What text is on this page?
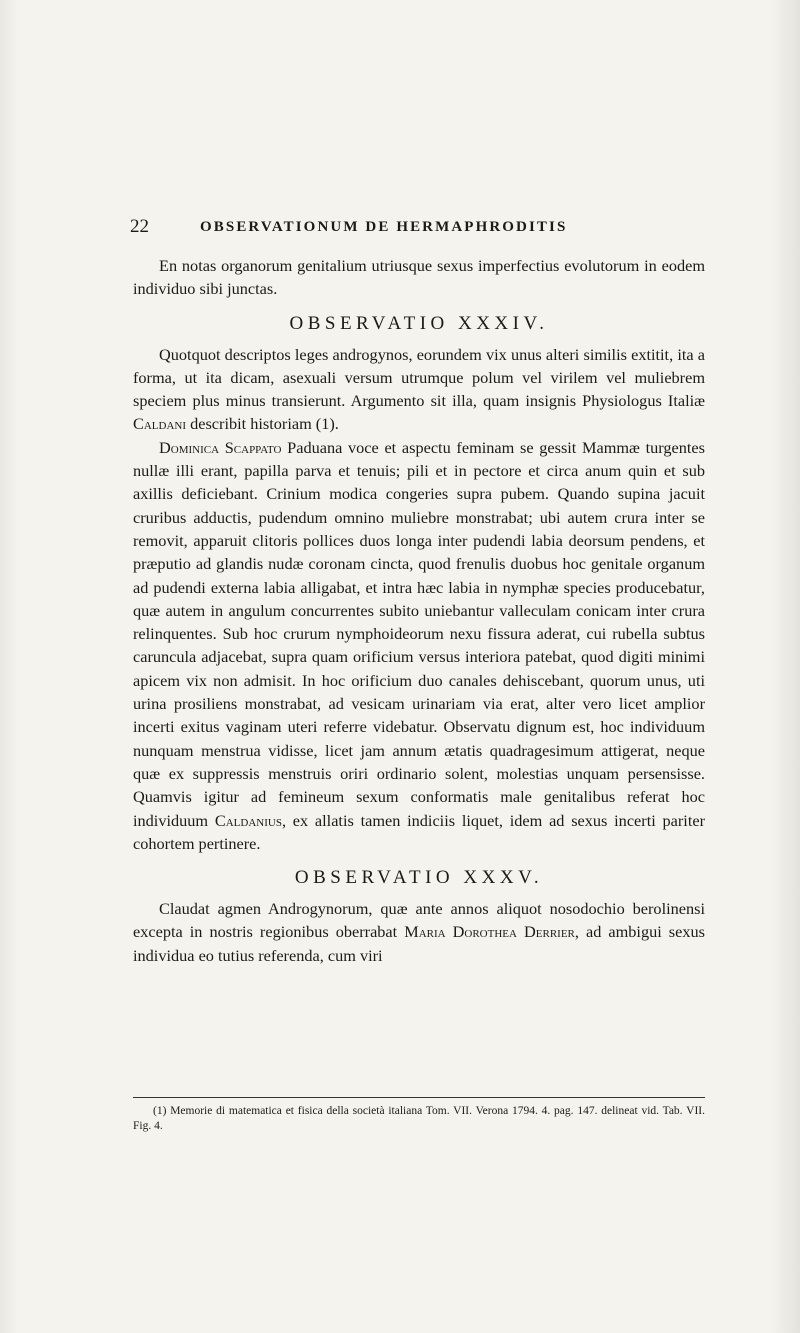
22	OBSERVATIONUM DE HERMAPHRODITIS

En notas organorum genitalium utriusque sexus imperfectius evolutorum in eodem individuo sibi junctas.

OBSERVATIO XXXIV.

Quotquot descriptos leges androgynos, eorundem vix unus alteri similis extitit, ita a forma, ut ita dicam, asexuali versum utrumque polum vel virilem vel muliebrem speciem plus minus transierunt. Argumento sit illa, quam insignis Physiologus Italiæ Caldani describit historiam (1).

Dominica Scappato Paduana voce et aspectu feminam se gessit Mammæ turgentes nullæ illi erant, papilla parva et tenuis; pili et in pectore et circa anum quin et sub axillis deficiebant. Crinium modica congeries supra pubem. Quando supina jacuit cruribus adductis, pudendum omnino muliebre monstrabat; ubi autem crura inter se removit, apparuit clitoris pollices duos longa inter pudendi labia deorsum pendens, et præputio ad glandis nudæ coronam cincta, quod frenulis duobus hoc genitale organum ad pudendi externa labia alligabat, et intra hæc labia in nymphæ species producebatur, quæ autem in angulum concurrentes subito uniebantur valleculam conicam inter crura relinquentes. Sub hoc crurum nymphoideorum nexu fissura aderat, cui rubella subtus caruncula adjacebat, supra quam orificium versus interiora patebat, quod digiti minimi apicem vix non admisit. In hoc orificium duo canales dehiscebant, quorum unus, uti urina prosiliens monstrabat, ad vesicam urinariam via erat, alter vero licet amplior incerti exitus vaginam uteri referre videbatur. Observatu dignum est, hoc individuum nunquam menstrua vidisse, licet jam annum ætatis quadragesimum attigerat, neque quæ ex suppressis menstruis oriri ordinario solent, molestias unquam persensisse. Quamvis igitur ad femineum sexum conformatis male genitalibus referat hoc individuum Caldanius, ex allatis tamen indiciis liquet, idem ad sexus incerti pariter cohortem pertinere.

OBSERVATIO XXXV.

Claudat agmen Androgynorum, quæ ante annos aliquot nosodochio berolinensi excepta in nostris regionibus oberrabat Maria Dorothea Derrier, ad ambigui sexus individua eo tutius referenda, cum viri

(1) Memorie di matematica et fisica della società italiana Tom. VII. Verona 1794. 4. pag. 147. delineat vid. Tab. VII. Fig. 4.
